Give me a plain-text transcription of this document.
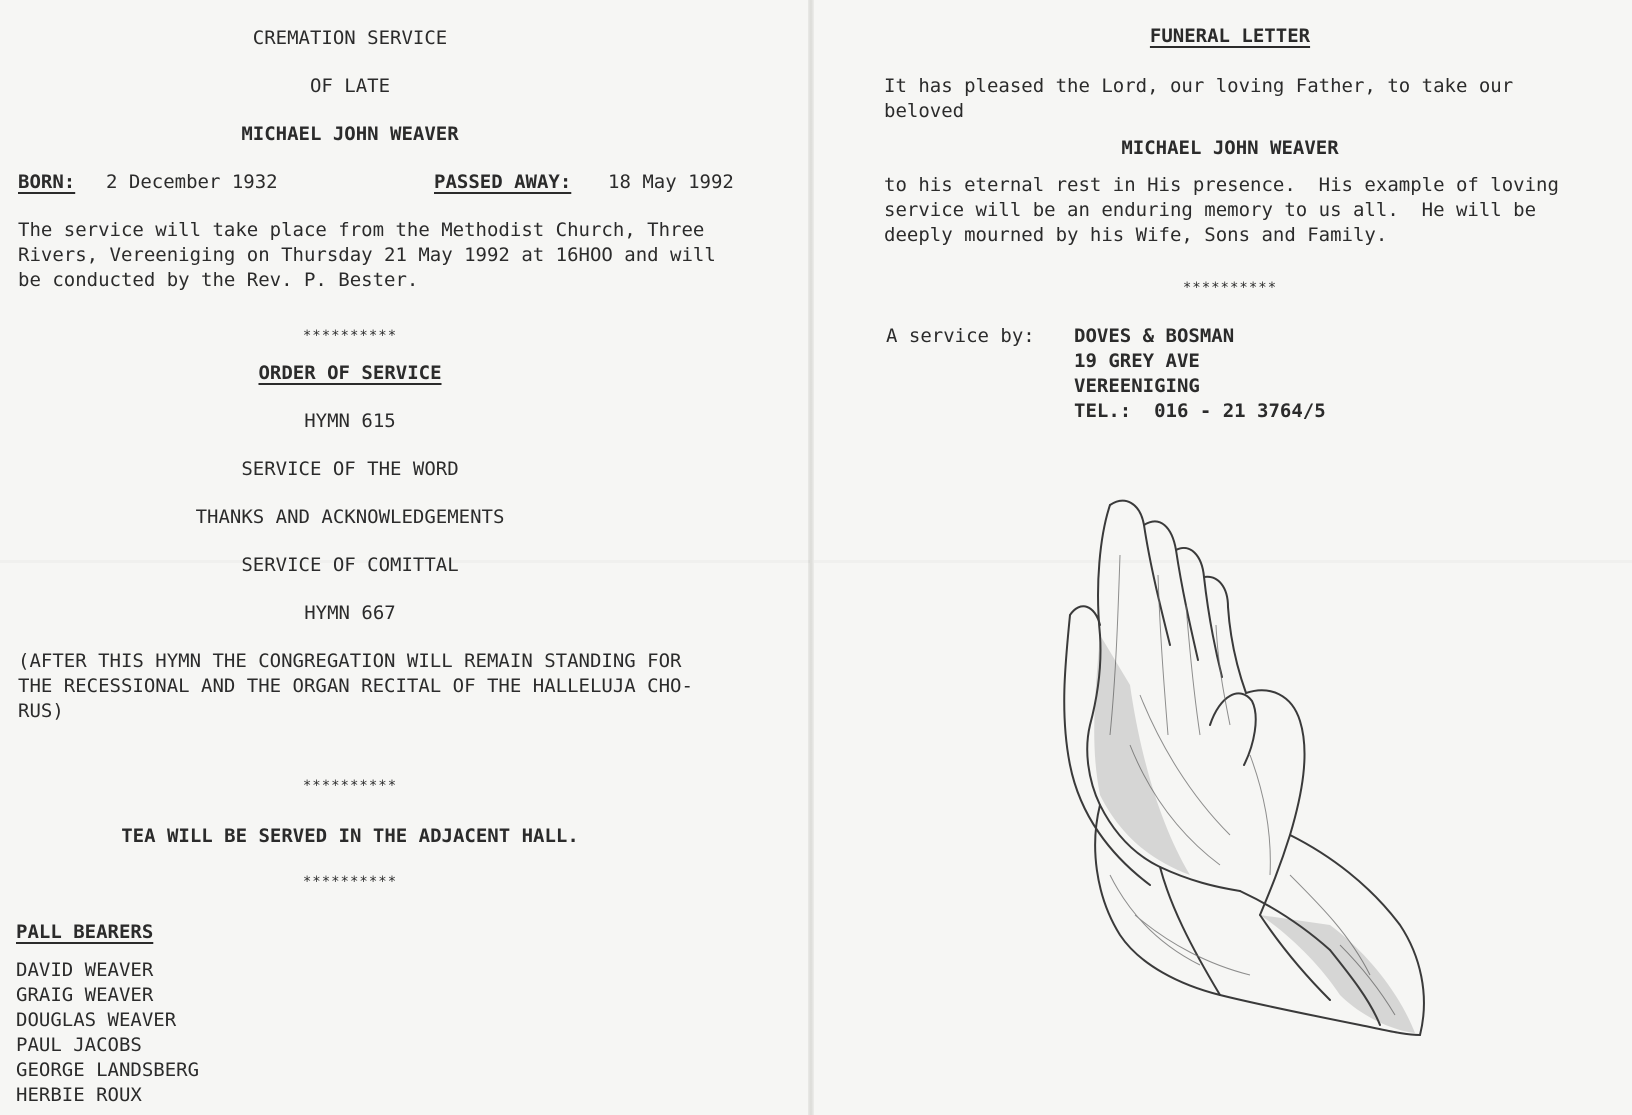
CREMATION SERVICE
OF LATE
MICHAEL JOHN WEAVER
BORN: 2 December 1932	PASSED AWAY: 18 May 1992
The service will take place from the Methodist Church, Three
Rivers, Vereeniging on Thursday 21 May 1992 at 16HOO and will
be conducted by the Rev. P. Bester.
**********
ORDER OF SERVICE
HYMN 615
SERVICE OF THE WORD
THANKS AND ACKNOWLEDGEMENTS
SERVICE OF COMITTAL
HYMN 667
(AFTER THIS HYMN THE CONGREGATION WILL REMAIN STANDING FOR
THE RECESSIONAL AND THE ORGAN RECITAL OF THE HALLELUJA CHO-
RUS)
**********
TEA WILL BE SERVED IN THE ADJACENT HALL.
**********
PALL BEARERS
DAVID WEAVER
GRAIG WEAVER
DOUGLAS WEAVER
PAUL JACOBS
GEORGE LANDSBERG
HERBIE ROUX
FUNERAL LETTER
It has pleased the Lord, our loving Father, to take our
beloved
MICHAEL JOHN WEAVER
to his eternal rest in His presence.  His example of loving
service will be an enduring memory to us all.  He will be
deeply mourned by his Wife, Sons and Family.
**********
A service by: DOVES & BOSMAN
19 GREY AVE
VEREENIGING
TEL.:  016 - 21 3764/5
